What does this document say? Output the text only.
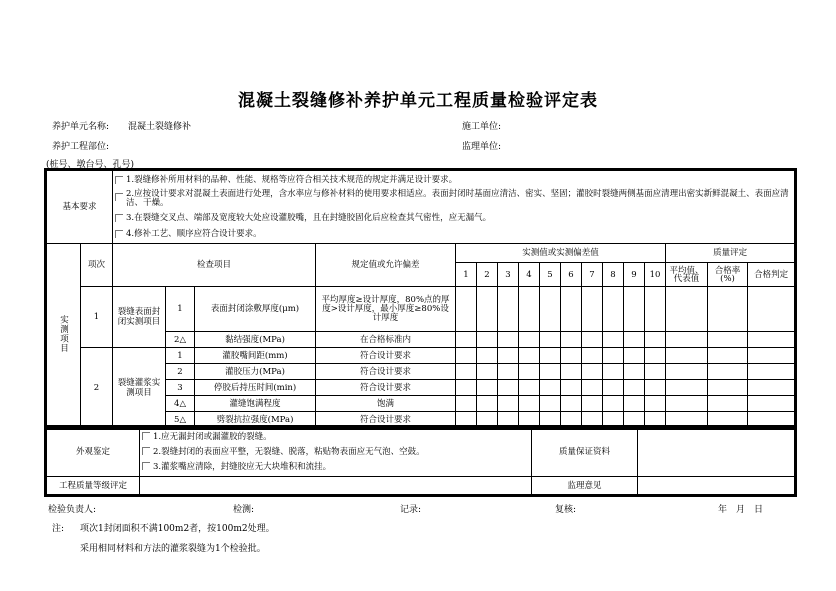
混凝土裂缝修补养护单元工程质量检验评定表
养护单元名称: 混凝土裂缝修补	施工单位:
养护工程部位:	监理单位:
(桩号、墩台号、孔号)
基本要求		1.裂缝修补所用材料的品种、性能、规格等应符合相关技术规范的规定并满足设计要求。
2.应按设计要求对混凝土表面进行处理，含水率应与修补材料的使用要求相适应。表面封闭时基面应清洁、密实、坚固；灌胶时裂缝两侧基面应清理出密实新鲜混凝土、表面应清洁、干燥。
3.在裂缝交叉点、端部及宽度较大处应设灌胶嘴，且在封缝胶固化后应检查其气密性，应无漏气。
4.修补工艺、顺序应符合设计要求。																

实测项目	项次	检查项目			规定值或允许偏差	实测值或实测偏差值										质量评定		
						1	2	3	4	5	6	7	8	9	10	平均值、代表值	合格率(%)	合格判定
	1	裂缝表面封闭实测项目	1	表面封闭涂敷厚度(μm)	平均厚度≥设计厚度，80%点的厚度>设计厚度，最小厚度≥80%设计厚度													
			2△	黏结强度(MPa)	在合格标准内													
	2	裂缝灌浆实测项目	1	灌胶嘴间距(mm)	符合设计要求													
			2	灌胶压力(MPa)	符合设计要求													
			3	停胶后持压时间(min)	符合设计要求													
			4△	灌缝饱满程度	饱满													
			5△	劈裂抗拉强度(MPa)	符合设计要求													
外观鉴定	1.应无漏封闭或漏灌胶的裂缝。
2.裂缝封闭的表面应平整，无裂缝、脱落，粘贴物表面应无气泡、空鼓。
3.灌浆嘴应清除，封缝胶应无大块堆积和流挂。	质量保证资料	
工程质量等级评定		监理意见	
检验负责人:	检测:	记录:	复核:	年　月　日
注: 项次1封闭面积不满100m2者，按100m2处理。
采用相同材料和方法的灌浆裂缝为1个检验批。
